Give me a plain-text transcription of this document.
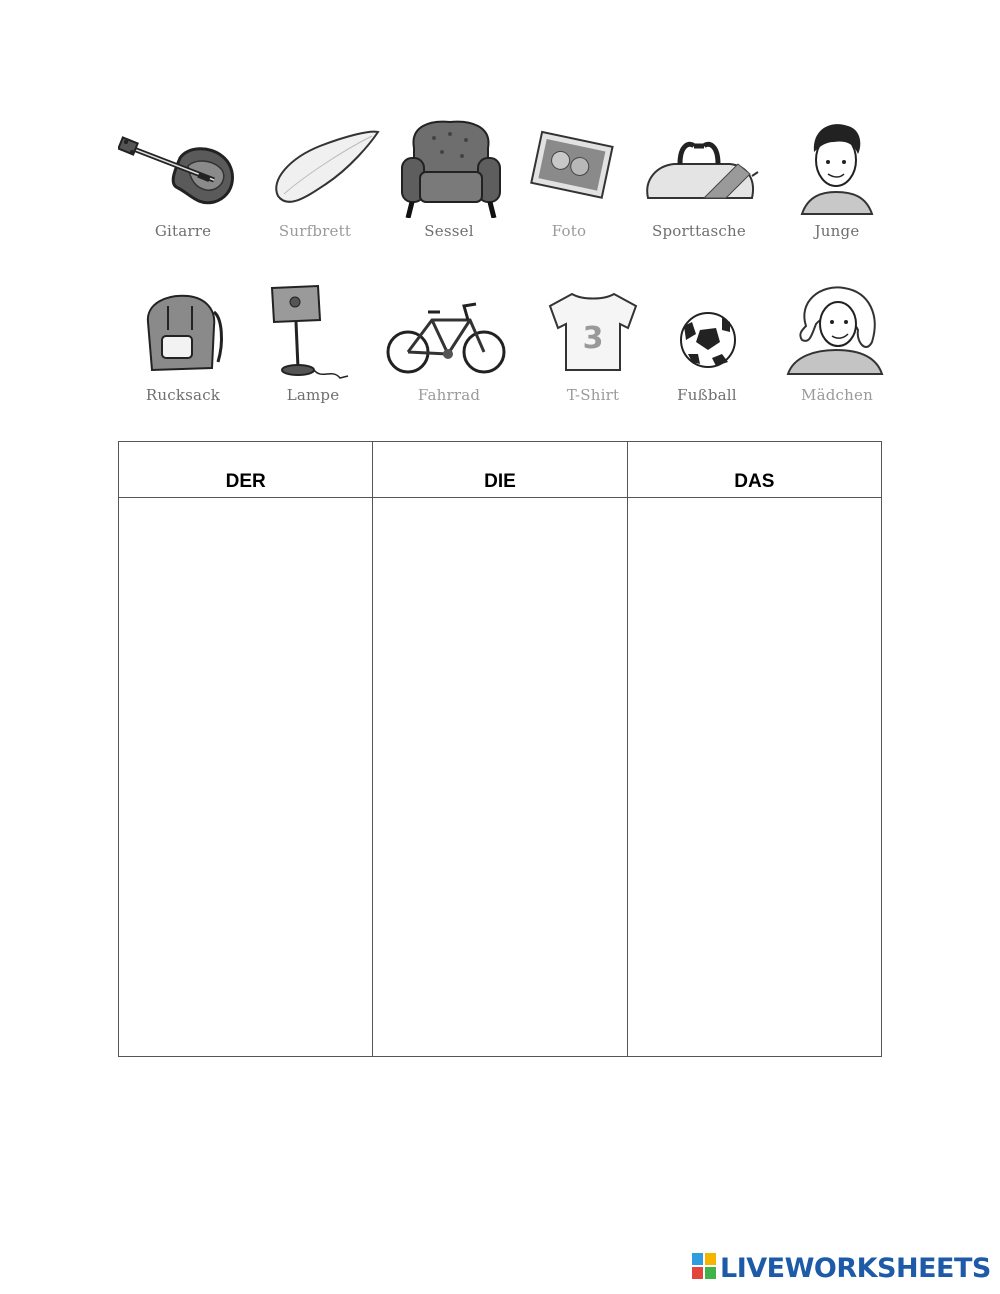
Gitarre	Surfbrett	Sessel	Foto	Sporttasche	Junge
Rucksack	Lampe	Fahrrad
3
T-Shirt	Fußball	Mädchen
DER	DIE	DAS
LIVEWORKSHEETS
